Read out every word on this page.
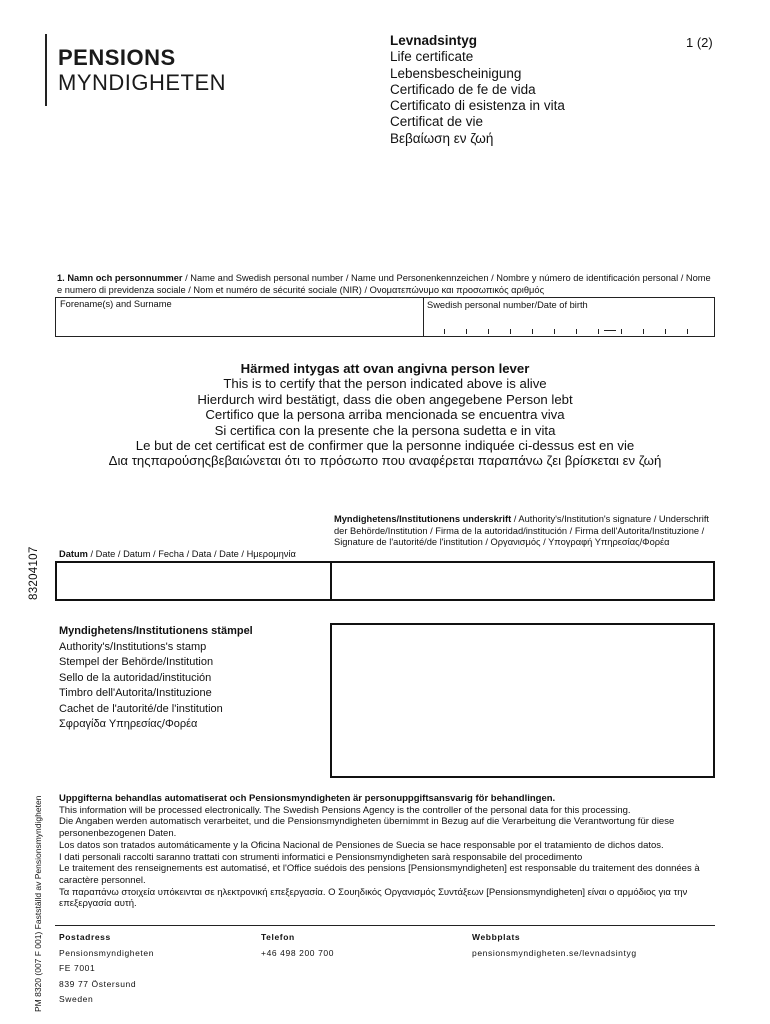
PENSIONS
MYNDIGHETEN
Levnadsintyg
Life certificate
Lebensbescheinigung
Certificado de fe de vida
Certificato di esistenza in vita
Certificat de vie
Βεβαίωση εν ζωή
1 (2)
1. Namn och personnummer / Name and Swedish personal number / Name und Personenkennzeichen / Nombre y número de identificación personal / Nome e numero di previdenza sociale / Nom et numéro de sécurité sociale (NIR) / Ονοματεπώνυμο και προσωπικός αριθμός
Forename(s) and Surname	Swedish personal number/Date of birth
Härmed intygas att ovan angivna person lever
This is to certify that the person indicated above is alive
Hierdurch wird bestätigt, dass die oben angegebene Person lebt
Certifico que la persona arriba mencionada se encuentra viva
Si certifica con la presente che la persona sudetta e in vita
Le but de cet certificat est de confirmer que la personne indiquée ci-dessus est en vie
Δια τηςπαρούσηςβεβαιώνεται ότι το πρόσωπο που αναφέρεται παραπάνω ζει βρίσκεται εν ζωή
Myndighetens/Institutionens underskrift / Authority's/Institution's signature / Underschrift der Behörde/Institution / Firma de la autoridad/institución / Firma dell'Autorita/Instituzione / Signature de l'autorité/de l'institution / Οργανισμός / Υπογραφή Υπηρεσίας/Φορέα
Datum / Date / Datum / Fecha / Data / Date / Ημερομηνία
83204107
Myndighetens/Institutionens stämpel
Authority's/Institutions's stamp
Stempel der Behörde/Institution
Sello de la autoridad/institución
Timbro dell'Autorita/Instituzione
Cachet de l'autorité/de l'institution
Σφραγίδα Υπηρεσίας/Φορέα
Uppgifterna behandlas automatiserat och Pensionsmyndigheten är personuppgiftsansvarig för behandlingen.
This information will be processed electronically. The Swedish Pensions Agency is the controller of the personal data for this processing.
Die Angaben werden automatisch verarbeitet, und die Pensionsmyndigheten übernimmt in Bezug auf die Verarbeitung die Verantwortung für diese personenbezogenen Daten.
Los datos son tratados automáticamente y la Oficina Nacional de Pensiones de Suecia se hace responsable por el tratamiento de dichos datos.
I dati personali raccolti saranno trattati con strumenti informatici e Pensionsmyndigheten sarà responsabile del procedimento
Le traitement des renseignements est automatisé, et l'Office suédois des pensions [Pensionsmyndigheten] est responsable du traitement des données à caractère personnel.
Τα παραπάνω στοιχεία υπόκεινται σε ηλεκτρονική επεξεργασία. Ο Σουηδικός Οργανισμός Συντάξεων [Pensionsmyndigheten] είναι ο αρμόδιος για την επεξεργασία αυτή.
PM 8320 (007 F 001) Fastställd av Pensionsmyndigheten Postadress
Pensionsmyndigheten
FE 7001
839 77 Östersund
Sweden
Telefon
+46 498 200 700
Webbplats
pensionsmyndigheten.se/levnadsintyg
